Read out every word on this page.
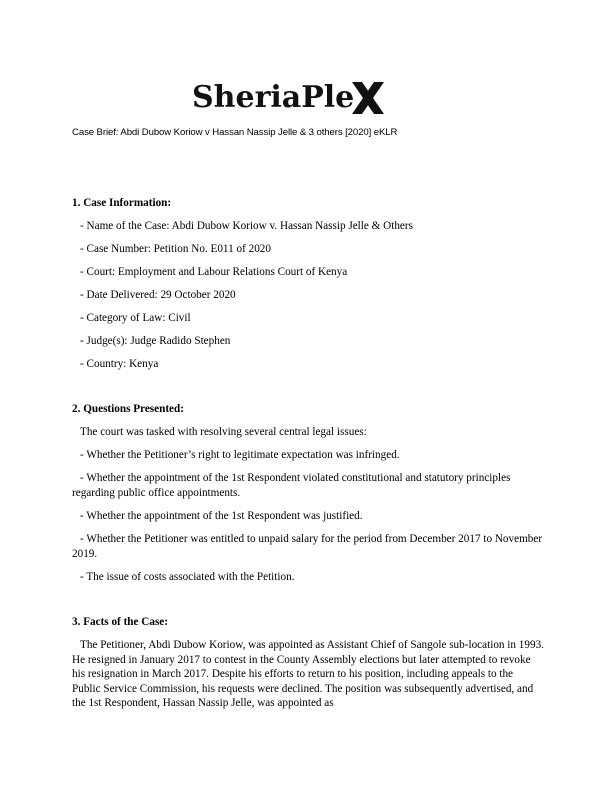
SheriaPle
Case Brief: Abdi Dubow Koriow v Hassan Nassip Jelle & 3 others [2020] eKLR
1. Case Information:
- Name of the Case: Abdi Dubow Koriow v. Hassan Nassip Jelle & Others
- Case Number: Petition No. E011 of 2020
- Court: Employment and Labour Relations Court of Kenya
- Date Delivered: 29 October 2020
- Category of Law: Civil
- Judge(s): Judge Radido Stephen
- Country: Kenya
2. Questions Presented:
The court was tasked with resolving several central legal issues:
- Whether the Petitioner’s right to legitimate expectation was infringed.
- Whether the appointment of the 1st Respondent violated constitutional and statutory principles regarding public office appointments.
- Whether the appointment of the 1st Respondent was justified.
- Whether the Petitioner was entitled to unpaid salary for the period from December 2017 to November 2019.
- The issue of costs associated with the Petition.
3. Facts of the Case:
The Petitioner, Abdi Dubow Koriow, was appointed as Assistant Chief of Sangole sub-location in 1993. He resigned in January 2017 to contest in the County Assembly elections but later attempted to revoke his resignation in March 2017. Despite his efforts to return to his position, including appeals to the Public Service Commission, his requests were declined. The position was subsequently advertised, and the 1st Respondent, Hassan Nassip Jelle, was appointed as
